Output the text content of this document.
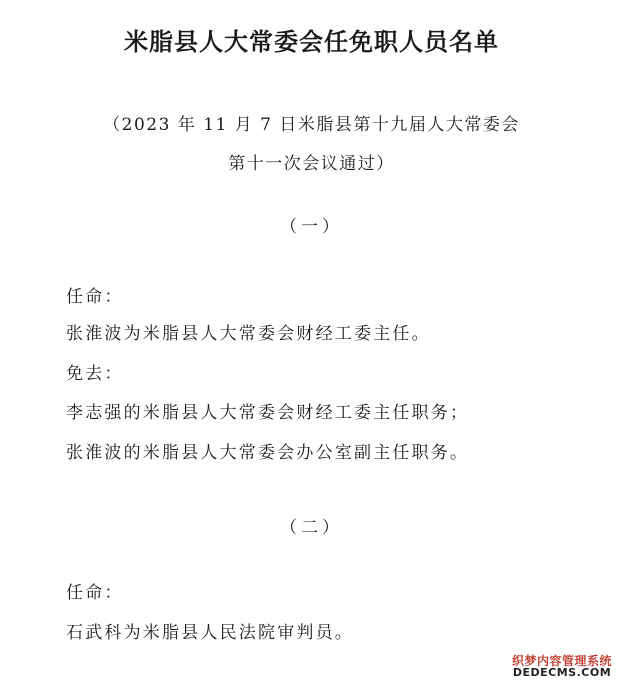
米脂县人大常委会任免职人员名单

（2023 年 11 月 7 日米脂县第十九届人大常委会

第十一次会议通过）

（一）

任命：

张淮波为米脂县人大常委会财经工委主任。

免去：

李志强的米脂县人大常委会财经工委主任职务；

张淮波的米脂县人大常委会办公室副主任职务。

（二）

任命：

石武科为米脂县人民法院审判员。

织梦内容管理系统
DEDECMS.COM
